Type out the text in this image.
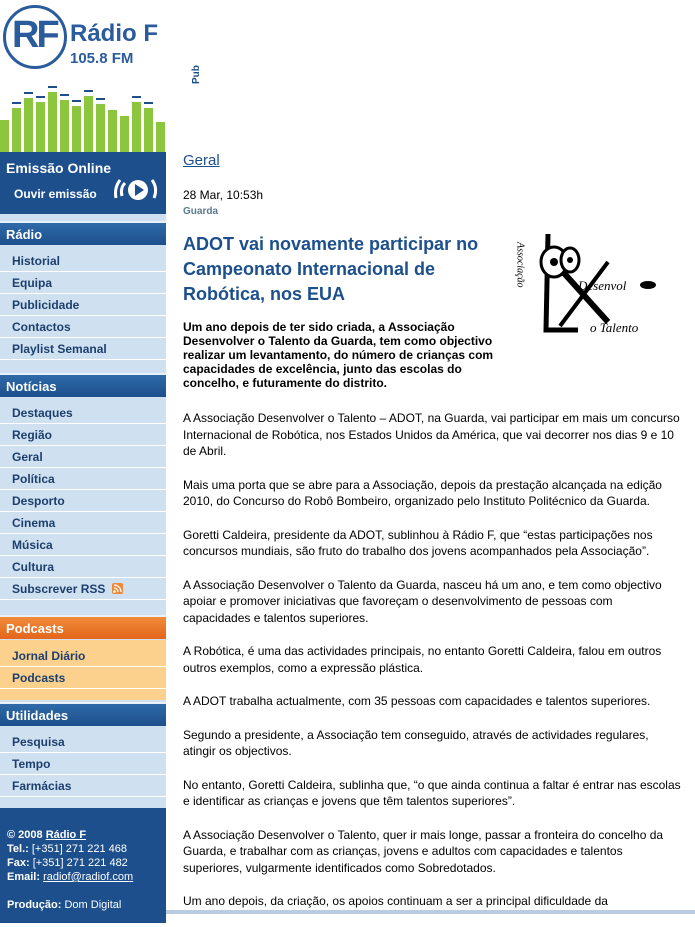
RF Rádio F
105.8 FM
Emissão Online
Ouvir emissão
Rádio
Historial
Equipa
Publicidade
Contactos
Playlist Semanal
Notícias
Destaques
Região
Geral
Política
Desporto
Cinema
Música
Cultura
Subscrever RSS
Podcasts
Jornal Diário
Podcasts
Utilidades
Pesquisa
Tempo
Farmácias
© 2008 Rádio F
Tel.: [+351] 271 221 468
Fax: [+351] 271 221 482
Email: radiof@radiof.com
Produção: Dom Digital
Pub
Geral
28 Mar, 10:53h
Guarda
ADOT vai novamente participar no Campeonato Internacional de Robótica, nos EUA
Um ano depois de ter sido criada, a Associação Desenvolver o Talento da Guarda, tem como objectivo realizar um levantamento, do número de crianças com capacidades de excelência, junto das escolas do concelho, e futuramente do distrito.
Associação	Desenvol
o Talento

A Associação Desenvolver o Talento – ADOT, na Guarda, vai participar em mais um concurso Internacional de Robótica, nos Estados Unidos da América, que vai decorrer nos dias 9 e 10 de Abril.

Mais uma porta que se abre para a Associação, depois da prestação alcançada na edição 2010, do Concurso do Robô Bombeiro, organizado pelo Instituto Politécnico da Guarda.

Goretti Caldeira, presidente da ADOT, sublinhou à Rádio F, que “estas participações nos concursos mundiais, são fruto do trabalho dos jovens acompanhados pela Associação”.

A Associação Desenvolver o Talento da Guarda, nasceu há um ano, e tem como objectivo apoiar e promover iniciativas que favoreçam o desenvolvimento de pessoas com capacidades e talentos superiores.

A Robótica, é uma das actividades principais, no entanto Goretti Caldeira, falou em outros outros exemplos, como a expressão plástica.

A ADOT trabalha actualmente, com 35 pessoas com capacidades e talentos superiores.

Segundo a presidente, a Associação tem conseguido, através de actividades regulares, atingir os objectivos.

No entanto, Goretti Caldeira, sublinha que, “o que ainda continua a faltar é entrar nas escolas e identificar as crianças e jovens que têm talentos superiores”.

A Associação Desenvolver o Talento, quer ir mais longe, passar a fronteira do concelho da Guarda, e trabalhar com as crianças, jovens e adultos com capacidades e talentos superiores, vulgarmente identificados como Sobredotados.

Um ano depois, da criação, os apoios continuam a ser a principal dificuldade da
